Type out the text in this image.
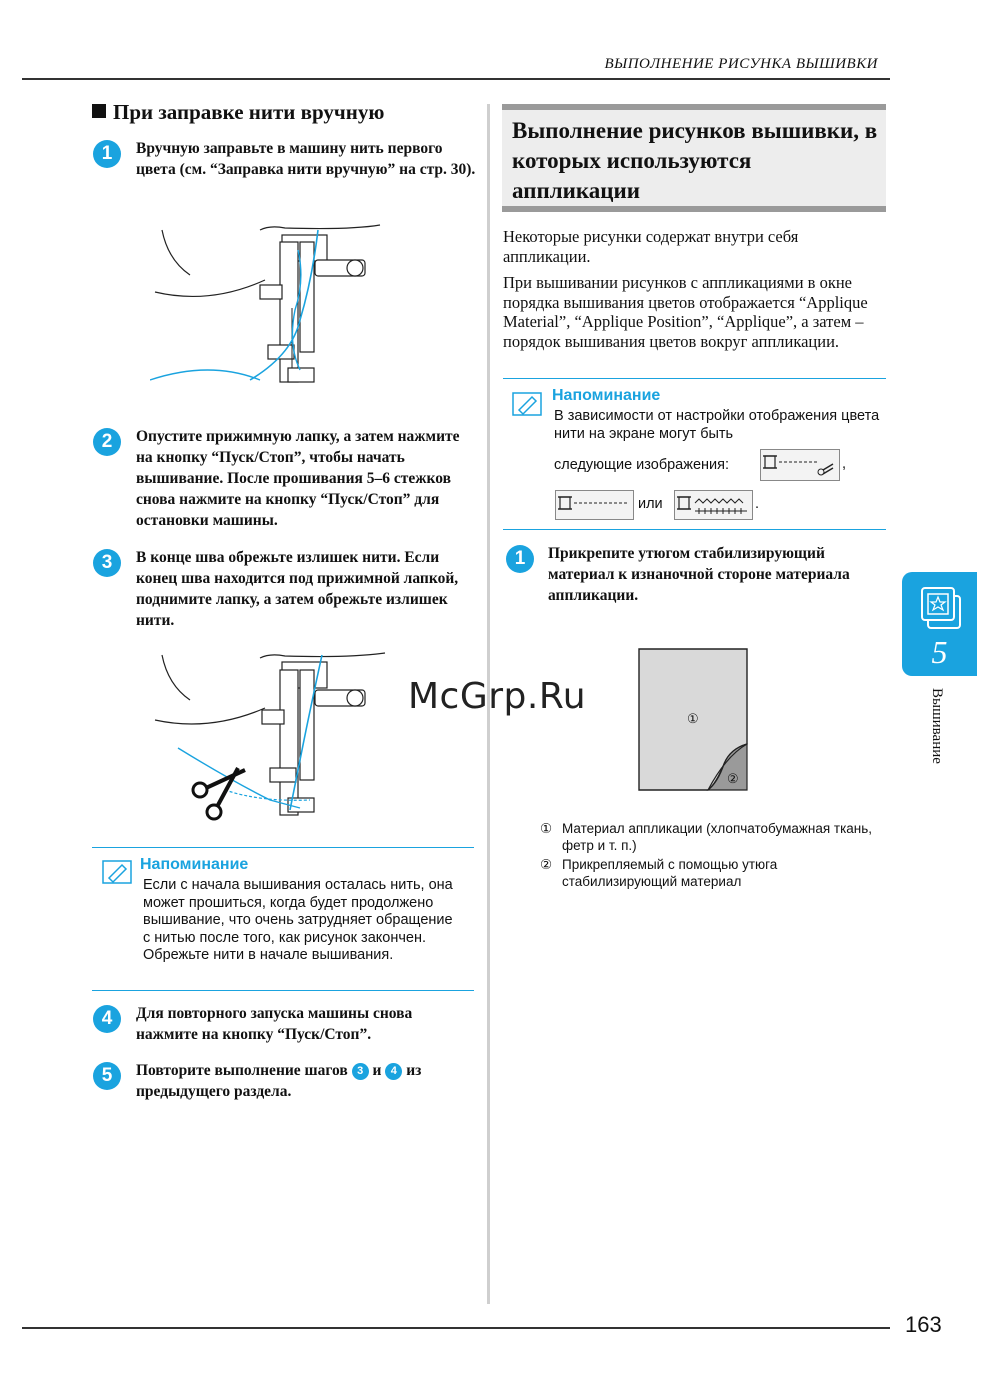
ВЫПОЛНЕНИЕ РИСУНКА ВЫШИВКИ
При заправке нити вручную
1	Вручную заправьте в машину нить первого цвета (см. “Заправка нити вручную” на стр. 30).
2	Опустите прижимную лапку, а затем нажмите на кнопку “Пуск/Стоп”, чтобы начать вышивание. После прошивания 5–6 стежков снова нажмите на кнопку “Пуск/Стоп” для остановки машины.
3	В конце шва обрежьте излишек нити. Если конец шва находится под прижимной лапкой, поднимите лапку, а затем обрежьте излишек нити.
Напоминание
Если с начала вышивания осталась нить, она может прошиться, когда будет продолжено вышивание, что очень затрудняет обращение с нитью после того, как рисунок закончен. Обрежьте нити в начале вышивания.
4	Для повторного запуска машины снова нажмите на кнопку “Пуск/Стоп”.
5	Повторите выполнение шагов 3 и 4 из предыдущего раздела.
Выполнение рисунков вышивки, в которых используются аппликации
Некоторые рисунки содержат внутри себя аппликации.
При вышивании рисунков с аппликациями в окне порядка вышивания цветов отображается “Applique Material”, “Applique Position”, “Applique”, а затем – порядок вышивания цветов вокруг аппликации.
Напоминание
В зависимости от настройки отображения цвета нити на экране могут быть
следующие изображения:	,
или	.
1	Прикрепите утюгом стабилизирующий материал к изнаночной стороне материала аппликации.
①
②
① Материал аппликации (хлопчатобумажная ткань, фетр и т. п.)
② Прикрепляемый с помощью утюга стабилизирующий материал
5
Вышивание
McGrp.Ru
163
